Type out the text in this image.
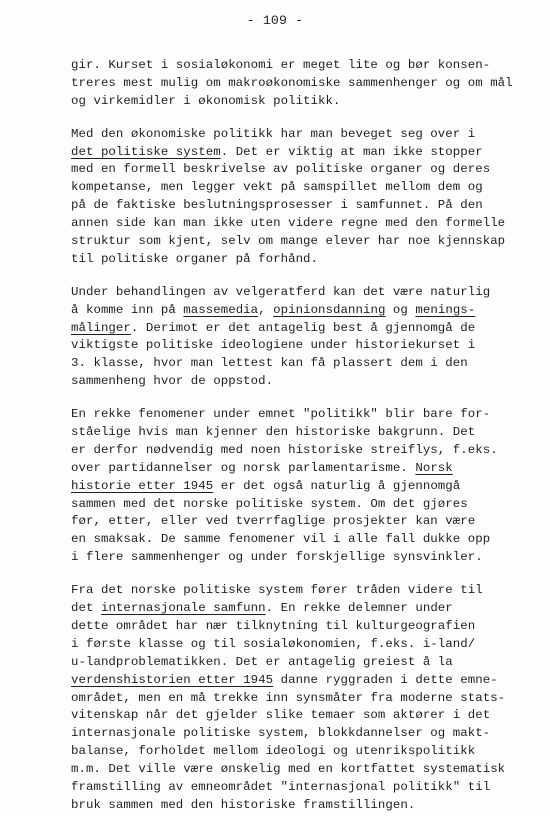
- 109 -
gir. Kurset i sosialøkonomi er meget lite og bør konsen-
treres mest mulig om makroøkonomiske sammenhenger og om mål
og virkemidler i økonomisk politikk.
Med den økonomiske politikk har man beveget seg over i
det politiske system. Det er viktig at man ikke stopper
med en formell beskrivelse av politiske organer og deres
kompetanse, men legger vekt på samspillet mellom dem og
på de faktiske beslutningsprosesser i samfunnet. På den
annen side kan man ikke uten videre regne med den formelle
struktur som kjent, selv om mange elever har noe kjennskap
til politiske organer på forhånd.
Under behandlingen av velgeratferd kan det være naturlig
å komme inn på massemedia, opinionsdanning og menings-
målinger. Derimot er det antagelig best å gjennomgå de
viktigste politiske ideologiene under historiekurset i
3. klasse, hvor man lettest kan få plassert dem i den
sammenheng hvor de oppstod.
En rekke fenomener under emnet "politikk" blir bare for-
ståelige hvis man kjenner den historiske bakgrunn. Det
er derfor nødvendig med noen historiske streiflys, f.eks.
over partidannelser og norsk parlamentarisme. Norsk
historie etter 1945 er det også naturlig å gjennomgå
sammen med det norske politiske system. Om det gjøres
før, etter, eller ved tverrfaglige prosjekter kan være
en smaksak. De samme fenomener vil i alle fall dukke opp
i flere sammenhenger og under forskjellige synsvinkler.
Fra det norske politiske system fører tråden videre til
det internasjonale samfunn. En rekke delemner under
dette området har nær tilknytning til kulturgeografien
i første klasse og til sosialøkonomien, f.eks. i-land/
u-landproblematikken. Det er antagelig greiest å la
verdenshistorien etter 1945 danne ryggraden i dette emne-
området, men en må trekke inn synsmåter fra moderne stats-
vitenskap når det gjelder slike temaer som aktører i det
internasjonale politiske system, blokkdannelser og makt-
balanse, forholdet mellom ideologi og utenrikspolitikk
m.m. Det ville være ønskelig med en kortfattet systematisk
framstilling av emneområdet "internasjonal politikk" til
bruk sammen med den historiske framstillingen.
